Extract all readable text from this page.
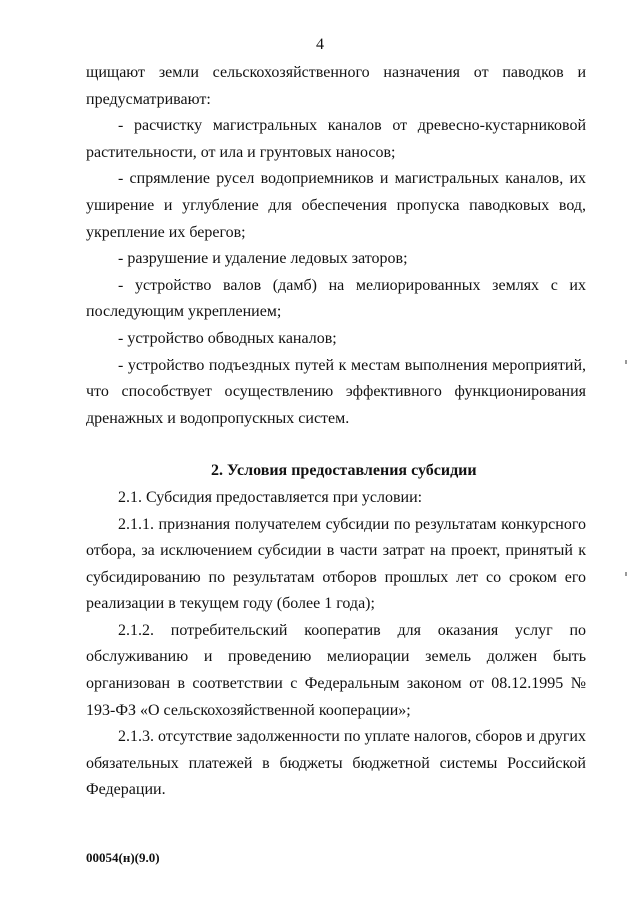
4

щищают земли сельскохозяйственного назначения от паводков и предусматривают:

- расчистку магистральных каналов от древесно-кустарниковой растительности, от ила и грунтовых наносов;

- спрямление русел водоприемников и магистральных каналов, их уширение и углубление для обеспечения пропуска паводковых вод, укрепление их берегов;

- разрушение и удаление ледовых заторов;

- устройство валов (дамб) на мелиорированных землях с их последующим укреплением;

- устройство обводных каналов;

- устройство подъездных путей к местам выполнения мероприятий, что способствует осуществлению эффективного функционирования дренажных и водопропускных систем.

2. Условия предоставления субсидии

2.1. Субсидия предоставляется при условии:

2.1.1. признания получателем субсидии по результатам конкурсного отбора, за исключением субсидии в части затрат на проект, принятый к субсидированию по результатам отборов прошлых лет со сроком его реализации в текущем году (более 1 года);

2.1.2. потребительский кооператив для оказания услуг по обслуживанию и проведению мелиорации земель должен быть организован в соответствии с Федеральным законом от 08.12.1995 № 193-ФЗ «О сельскохозяйственной кооперации»;

2.1.3. отсутствие задолженности по уплате налогов, сборов и других обязательных платежей в бюджеты бюджетной системы Российской Федерации.

00054(н)(9.0)
